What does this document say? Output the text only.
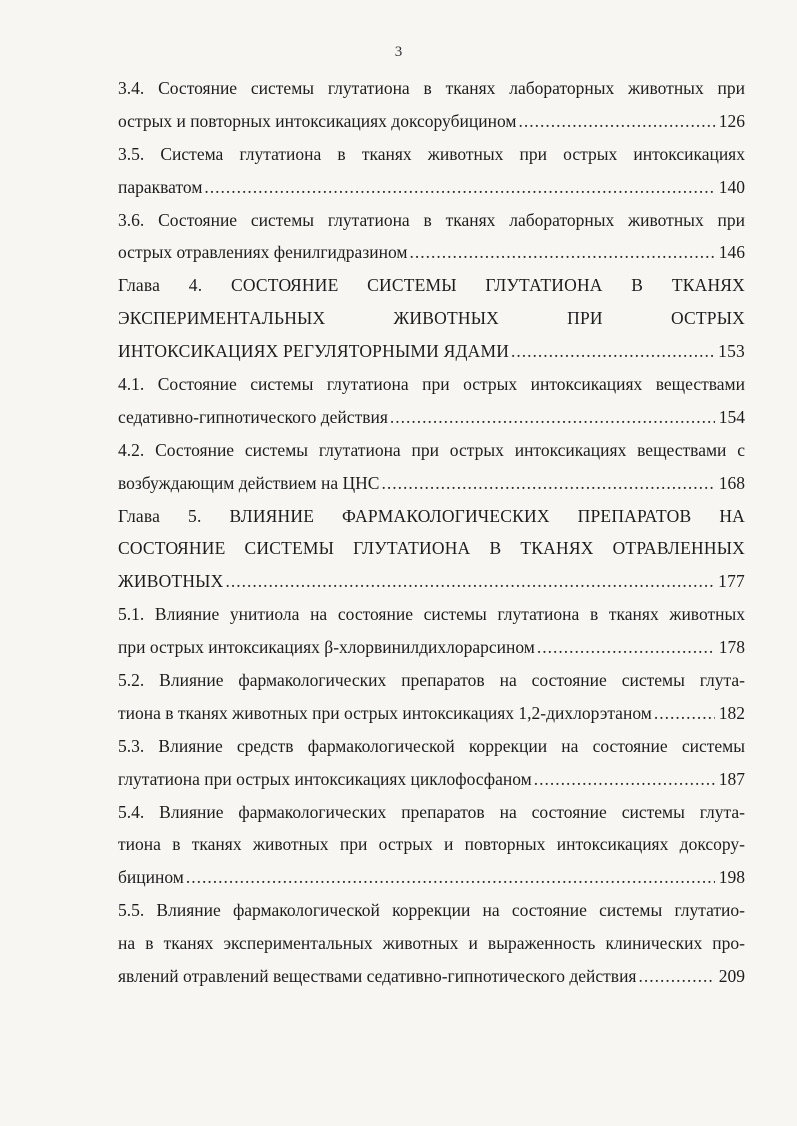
3
3.4. Состояние системы глутатиона в тканях лабораторных животных при
острых и повторных интоксикациях доксорубицином .....	126
3.5. Система глутатиона в тканях животных при острых интоксикациях
паракватом .....	140
3.6. Состояние системы глутатиона в тканях лабораторных животных при
острых отравлениях фенилгидразином .....	146
Глава 4. СОСТОЯНИЕ СИСТЕМЫ ГЛУТАТИОНА В ТКАНЯХ
ЭКСПЕРИМЕНТАЛЬНЫХ ЖИВОТНЫХ ПРИ ОСТРЫХ
ИНТОКСИКАЦИЯХ РЕГУЛЯТОРНЫМИ ЯДАМИ .....	153
4.1. Состояние системы глутатиона при острых интоксикациях веществами
седативно-гипнотического действия .....	154
4.2. Состояние системы глутатиона при острых интоксикациях веществами с
возбуждающим действием на ЦНС .....	168
Глава 5. ВЛИЯНИЕ ФАРМАКОЛОГИЧЕСКИХ ПРЕПАРАТОВ НА
СОСТОЯНИЕ СИСТЕМЫ ГЛУТАТИОНА В ТКАНЯХ ОТРАВЛЕННЫХ
ЖИВОТНЫХ .....	177
5.1. Влияние унитиола на состояние системы глутатиона в тканях животных
при острых интоксикациях β-хлорвинилдихлорарсином .....	178
5.2. Влияние фармакологических препаратов на состояние системы глута-
тиона в тканях животных при острых интоксикациях 1,2-дихлорэтаном .....	182
5.3. Влияние средств фармакологической коррекции на состояние системы
глутатиона при острых интоксикациях циклофосфаном .....	187
5.4. Влияние фармакологических препаратов на состояние системы глута-
тиона в тканях животных при острых и повторных интоксикациях доксору-
бицином .....	198
5.5. Влияние фармакологической коррекции на состояние системы глутатио-
на в тканях экспериментальных животных и выраженность клинических про-
явлений отравлений веществами седативно-гипнотического действия .....	209
